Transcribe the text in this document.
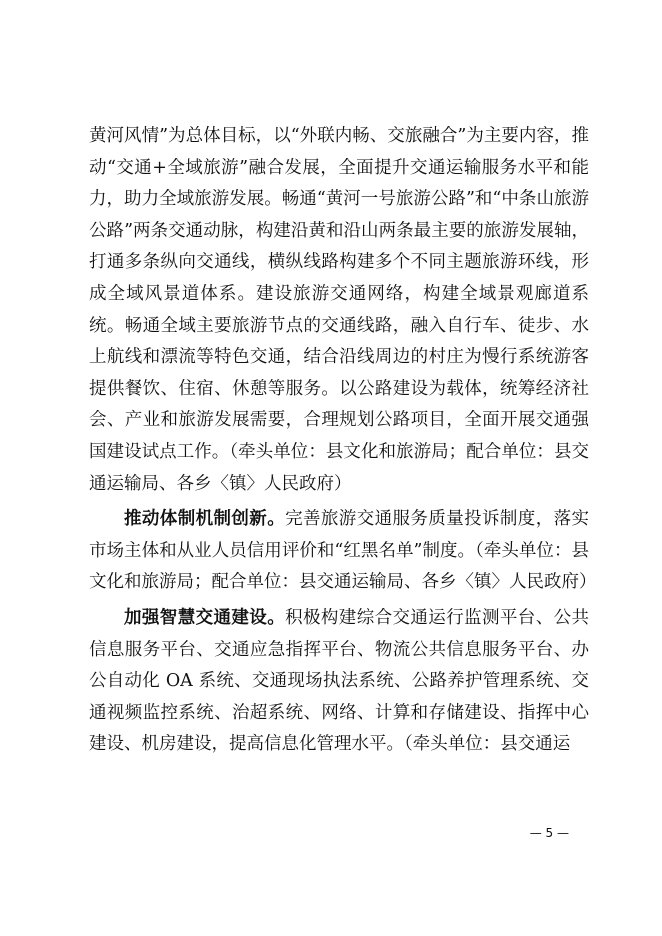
黄河风情”为总体目标，以“外联内畅、交旅融合”为主要内容，推动“交通+全域旅游”融合发展，全面提升交通运输服务水平和能力，助力全域旅游发展。畅通“黄河一号旅游公路”和“中条山旅游公路”两条交通动脉，构建沿黄和沿山两条最主要的旅游发展轴，打通多条纵向交通线，横纵线路构建多个不同主题旅游环线，形成全域风景道体系。建设旅游交通网络，构建全域景观廊道系统。畅通全域主要旅游节点的交通线路，融入自行车、徒步、水上航线和漂流等特色交通，结合沿线周边的村庄为慢行系统游客提供餐饮、住宿、休憩等服务。以公路建设为载体，统筹经济社会、产业和旅游发展需要，合理规划公路项目，全面开展交通强国建设试点工作。（牵头单位：县文化和旅游局；配合单位：县交通运输局、各乡〈镇〉人民政府）

推动体制机制创新。完善旅游交通服务质量投诉制度，落实市场主体和从业人员信用评价和“红黑名单”制度。（牵头单位：县文化和旅游局；配合单位：县交通运输局、各乡〈镇〉人民政府）

加强智慧交通建设。积极构建综合交通运行监测平台、公共信息服务平台、交通应急指挥平台、物流公共信息服务平台、办公自动化 OA 系统、交通现场执法系统、公路养护管理系统、交通视频监控系统、治超系统、网络、计算和存储建设、指挥中心建设、机房建设，提高信息化管理水平。（牵头单位：县交通运

— 5 —
